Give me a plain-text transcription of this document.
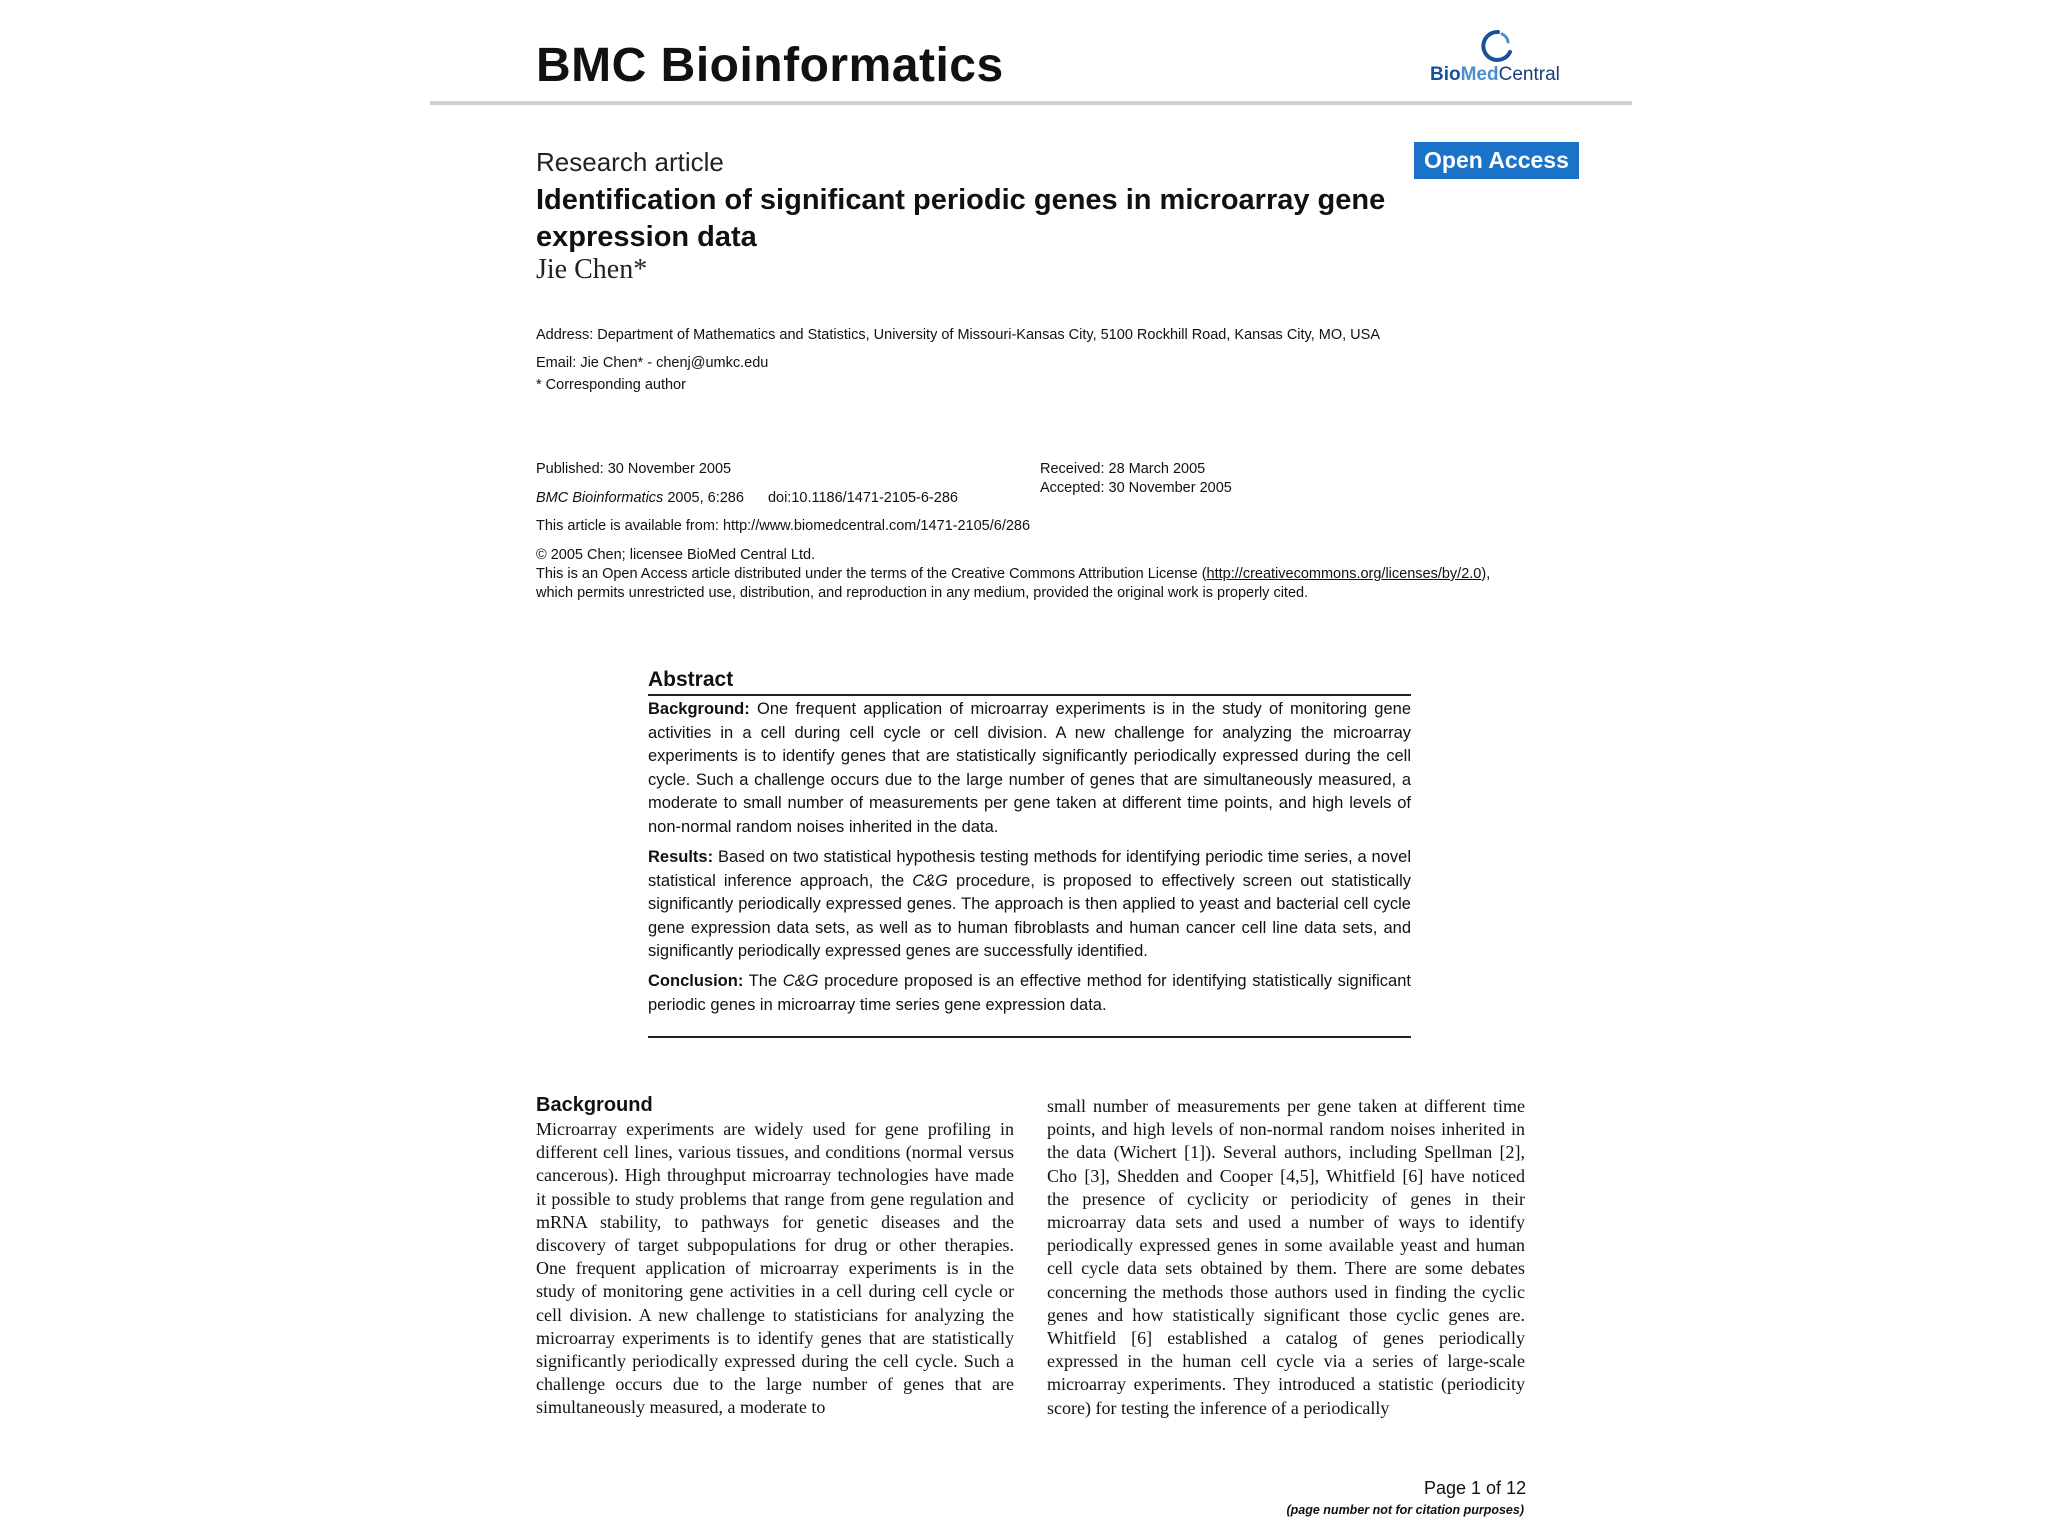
BMC Bioinformatics	BioMedCentral
Research article	Open Access
Identification of significant periodic genes in microarray gene expression data
Jie Chen*
Address: Department of Mathematics and Statistics, University of Missouri-Kansas City, 5100 Rockhill Road, Kansas City, MO, USA
Email: Jie Chen* - chenj@umkc.edu
* Corresponding author
Published: 30 November 2005
BMC Bioinformatics 2005, 6:286 doi:10.1186/1471-2105-6-286
Received: 28 March 2005
Accepted: 30 November 2005
This article is available from: http://www.biomedcentral.com/1471-2105/6/286
© 2005 Chen; licensee BioMed Central Ltd.
This is an Open Access article distributed under the terms of the Creative Commons Attribution License (http://creativecommons.org/licenses/by/2.0),
which permits unrestricted use, distribution, and reproduction in any medium, provided the original work is properly cited.
Abstract
Background: One frequent application of microarray experiments is in the study of monitoring gene activities in a cell during cell cycle or cell division. A new challenge for analyzing the microarray experiments is to identify genes that are statistically significantly periodically expressed during the cell cycle. Such a challenge occurs due to the large number of genes that are simultaneously measured, a moderate to small number of measurements per gene taken at different time points, and high levels of non-normal random noises inherited in the data.
Results: Based on two statistical hypothesis testing methods for identifying periodic time series, a novel statistical inference approach, the C&G procedure, is proposed to effectively screen out statistically significantly periodically expressed genes. The approach is then applied to yeast and bacterial cell cycle gene expression data sets, as well as to human fibroblasts and human cancer cell line data sets, and significantly periodically expressed genes are successfully identified.
Conclusion: The C&G procedure proposed is an effective method for identifying statistically significant periodic genes in microarray time series gene expression data.
Background
Microarray experiments are widely used for gene profiling in different cell lines, various tissues, and conditions (normal versus cancerous). High throughput microarray technologies have made it possible to study problems that range from gene regulation and mRNA stability, to pathways for genetic diseases and the discovery of target subpopulations for drug or other therapies. One frequent application of microarray experiments is in the study of monitoring gene activities in a cell during cell cycle or cell division. A new challenge to statisticians for analyzing the microarray experiments is to identify genes that are statistically significantly periodically expressed during the cell cycle. Such a challenge occurs due to the large number of genes that are simultaneously measured, a moderate to
small number of measurements per gene taken at different time points, and high levels of non-normal random noises inherited in the data (Wichert [1]). Several authors, including Spellman [2], Cho [3], Shedden and Cooper [4,5], Whitfield [6] have noticed the presence of cyclicity or periodicity of genes in their microarray data sets and used a number of ways to identify periodically expressed genes in some available yeast and human cell cycle data sets obtained by them. There are some debates concerning the methods those authors used in finding the cyclic genes and how statistically significant those cyclic genes are. Whitfield [6] established a catalog of genes periodically expressed in the human cell cycle via a series of large-scale microarray experiments. They introduced a statistic (periodicity score) for testing the inference of a periodically
Page 1 of 12
(page number not for citation purposes)
